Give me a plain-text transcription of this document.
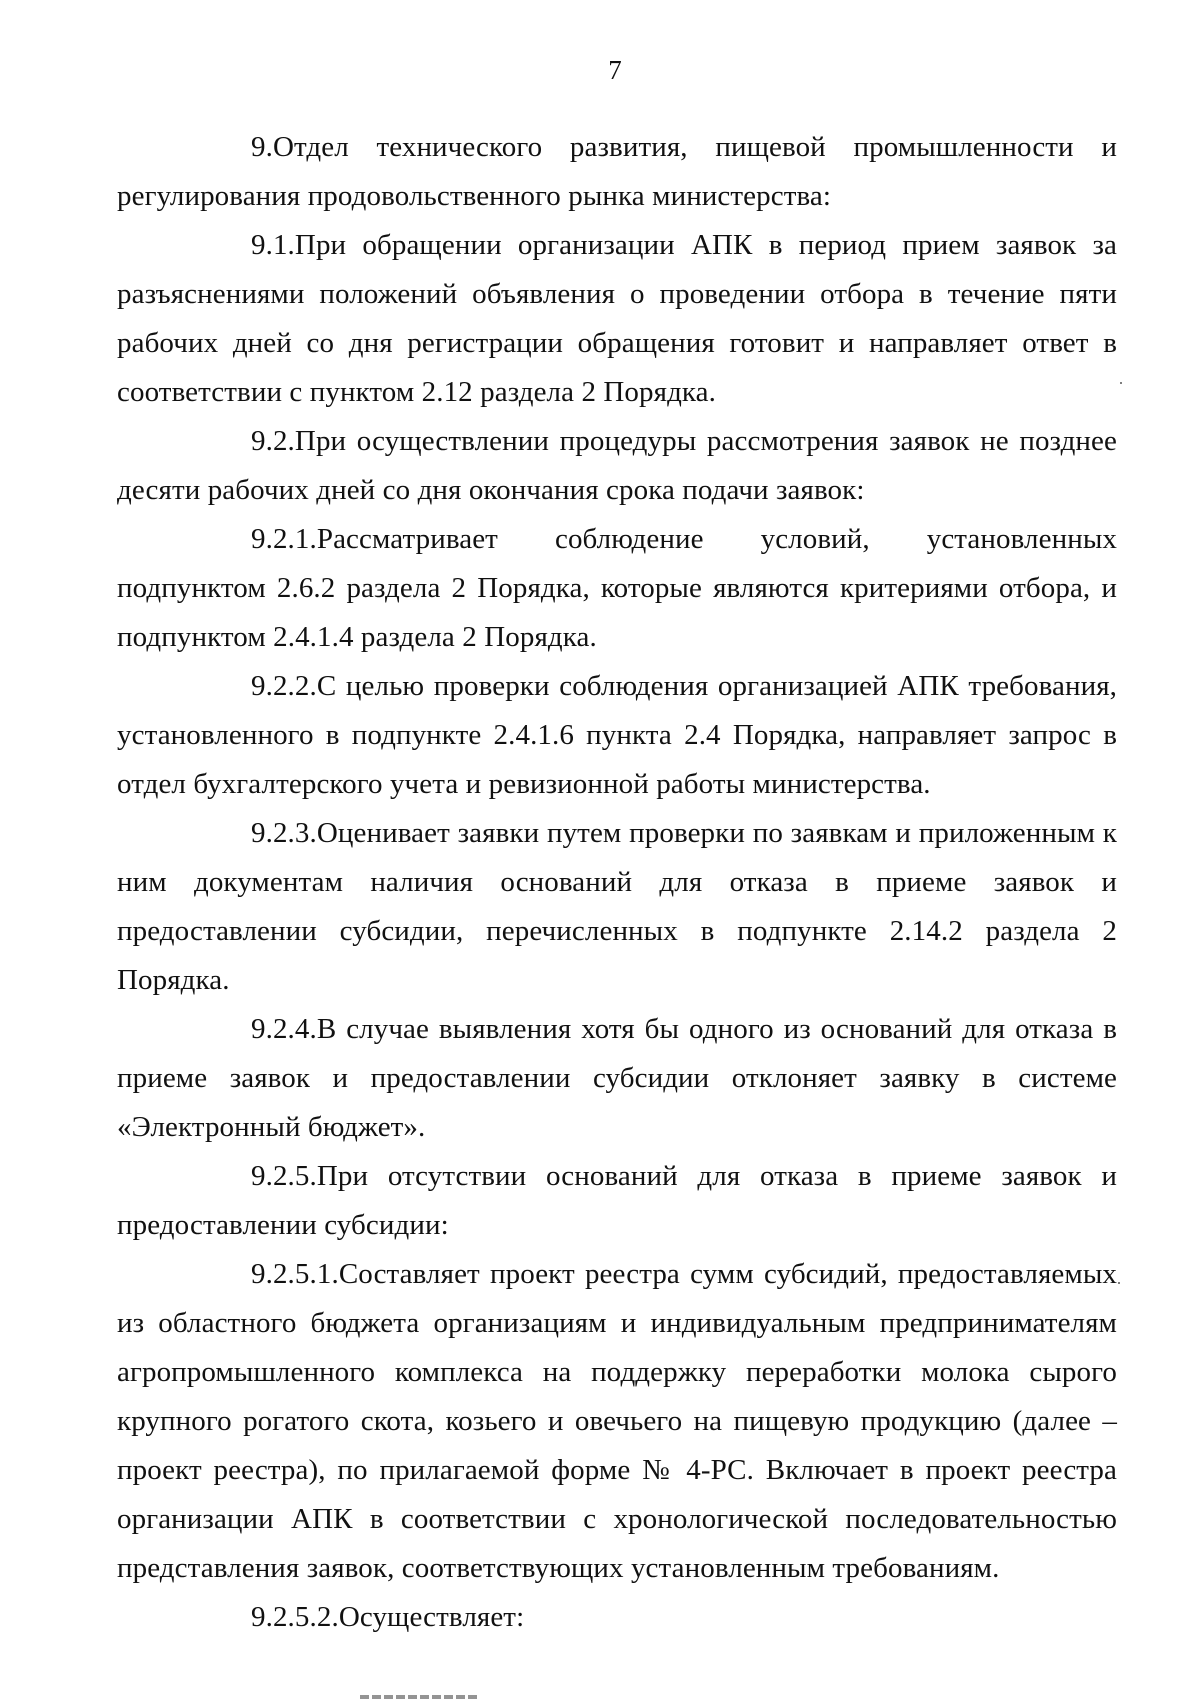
7

9.Отдел технического развития, пищевой промышленности и регулирования продовольственного рынка министерства:

9.1.При обращении организации АПК в период прием заявок за разъяснениями положений объявления о проведении отбора в течение пяти рабочих дней со дня регистрации обращения готовит и направляет ответ в соответствии с пунктом 2.12 раздела 2 Порядка.

9.2.При осуществлении процедуры рассмотрения заявок не позднее десяти рабочих дней со дня окончания срока подачи заявок:

9.2.1.Рассматривает соблюдение условий, установленных подпунктом 2.6.2 раздела 2 Порядка, которые являются критериями отбора, и подпунктом 2.4.1.4 раздела 2 Порядка.

9.2.2.С целью проверки соблюдения организацией АПК требования, установленного в подпункте 2.4.1.6 пункта 2.4 Порядка, направляет запрос в отдел бухгалтерского учета и ревизионной работы министерства.

9.2.3.Оценивает заявки путем проверки по заявкам и приложенным к ним документам наличия оснований для отказа в приеме заявок и предоставлении субсидии, перечисленных в подпункте 2.14.2 раздела 2 Порядка.

9.2.4.В случае выявления хотя бы одного из оснований для отказа в приеме заявок и предоставлении субсидии отклоняет заявку в системе «Электронный бюджет».

9.2.5.При отсутствии оснований для отказа в приеме заявок и предоставлении субсидии:

9.2.5.1.Составляет проект реестра сумм субсидий, предоставляемых из областного бюджета организациям и индивидуальным предпринимателям агропромышленного комплекса на поддержку переработки молока сырого крупного рогатого скота, козьего и овечьего на пищевую продукцию (далее – проект реестра), по прилагаемой форме № 4-РС. Включает в проект реестра организации АПК в соответствии с хронологической последовательностью представления заявок, соответствующих установленным требованиям.

9.2.5.2.Осуществляет:
